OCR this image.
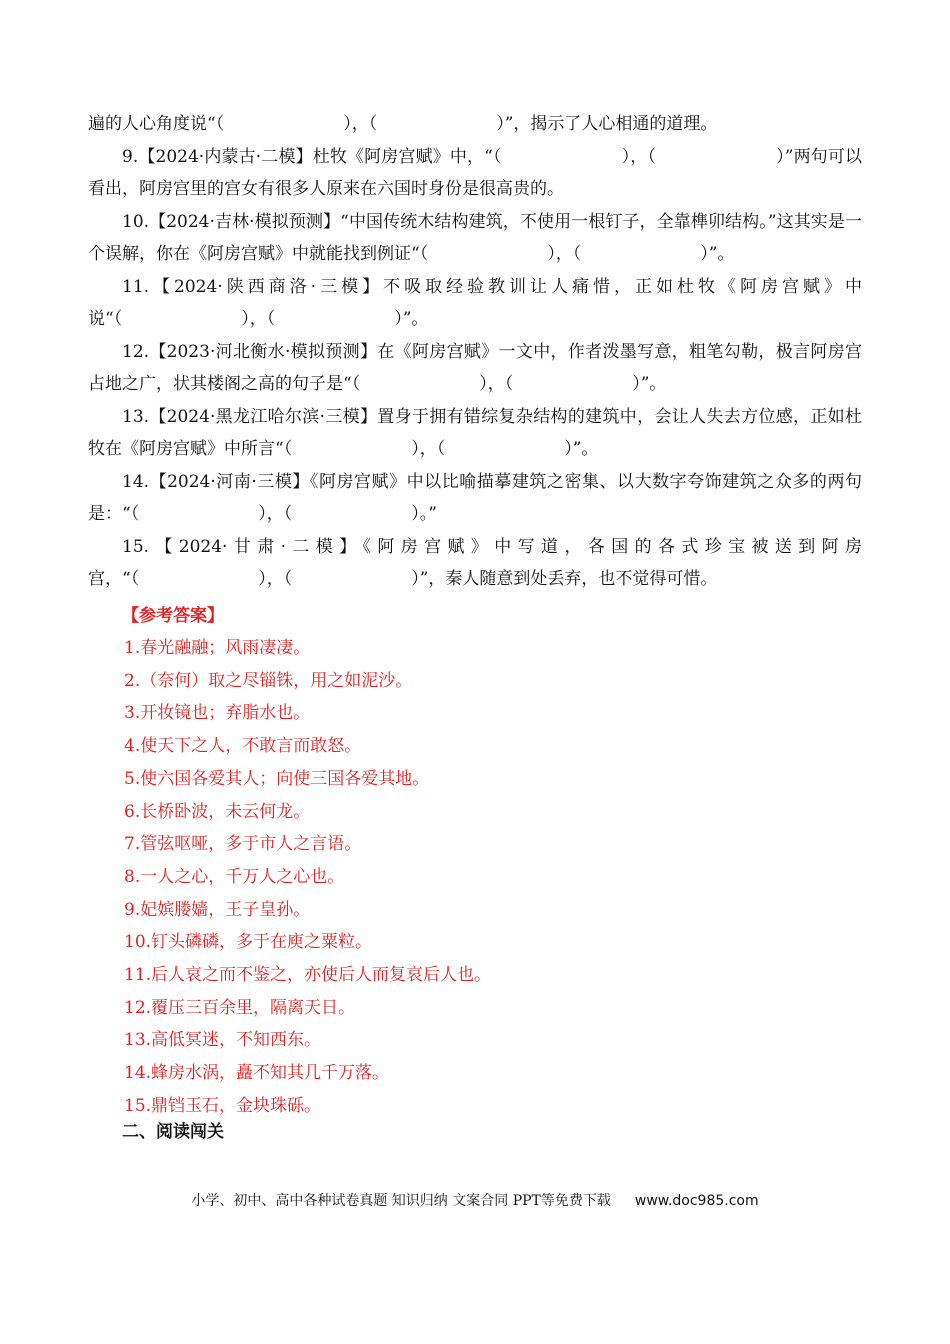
遍的人心角度说“（　　　　　　　），（　　　　　　　）”，揭示了人心相通的道理。

9.【2024·内蒙古·二模】杜牧《阿房宫赋》中，“（　　　　　　　），（　　　　　　　）”两句可以看出，阿房宫里的宫女有很多人原来在六国时身份是很高贵的。

10.【2024·吉林·模拟预测】“中国传统木结构建筑，不使用一根钉子，全靠榫卯结构。”这其实是一个误解，你在《阿房宫赋》中就能找到例证“（　　　　　　　），（　　　　　　　）”。

11.【2024·陕西商洛·三模】不吸取经验教训让人痛惜，正如杜牧《阿房宫赋》中说“（　　　　　　　），（　　　　　　　）”。

12.【2023·河北衡水·模拟预测】在《阿房宫赋》一文中，作者泼墨写意，粗笔勾勒，极言阿房宫占地之广，状其楼阁之高的句子是“（　　　　　　　），（　　　　　　　）”。

13.【2024·黑龙江哈尔滨·三模】置身于拥有错综复杂结构的建筑中，会让人失去方位感，正如杜牧在《阿房宫赋》中所言“（　　　　　　　），（　　　　　　　）”。

14.【2024·河南·三模】《阿房宫赋》中以比喻描摹建筑之密集、以大数字夸饰建筑之众多的两句是：“（　　　　　　　），（　　　　　　　）。”

15.【2024·甘肃·二模】《阿房宫赋》中写道，各国的各式珍宝被送到阿房宫，“（　　　　　　　），（　　　　　　　）”，秦人随意到处丢弃，也不觉得可惜。

【参考答案】
1.春光融融；风雨凄凄。
2.（奈何）取之尽锱铢，用之如泥沙。
3.开妆镜也；弃脂水也。
4.使天下之人，不敢言而敢怒。
5.使六国各爱其人；向使三国各爱其地。
6.长桥卧波，未云何龙。
7.管弦呕哑，多于市人之言语。
8.一人之心，千万人之心也。
9.妃嫔媵嫱，王子皇孙。
10.钉头磷磷，多于在庾之粟粒。
11.后人哀之而不鉴之，亦使后人而复哀后人也。
12.覆压三百余里，隔离天日。
13.高低冥迷，不知西东。
14.蜂房水涡，矗不知其几千万落。
15.鼎铛玉石，金块珠砾。
二、阅读闯关
小学、初中、高中各种试卷真题 知识归纳 文案合同 PPT等免费下载 www.doc985.com
